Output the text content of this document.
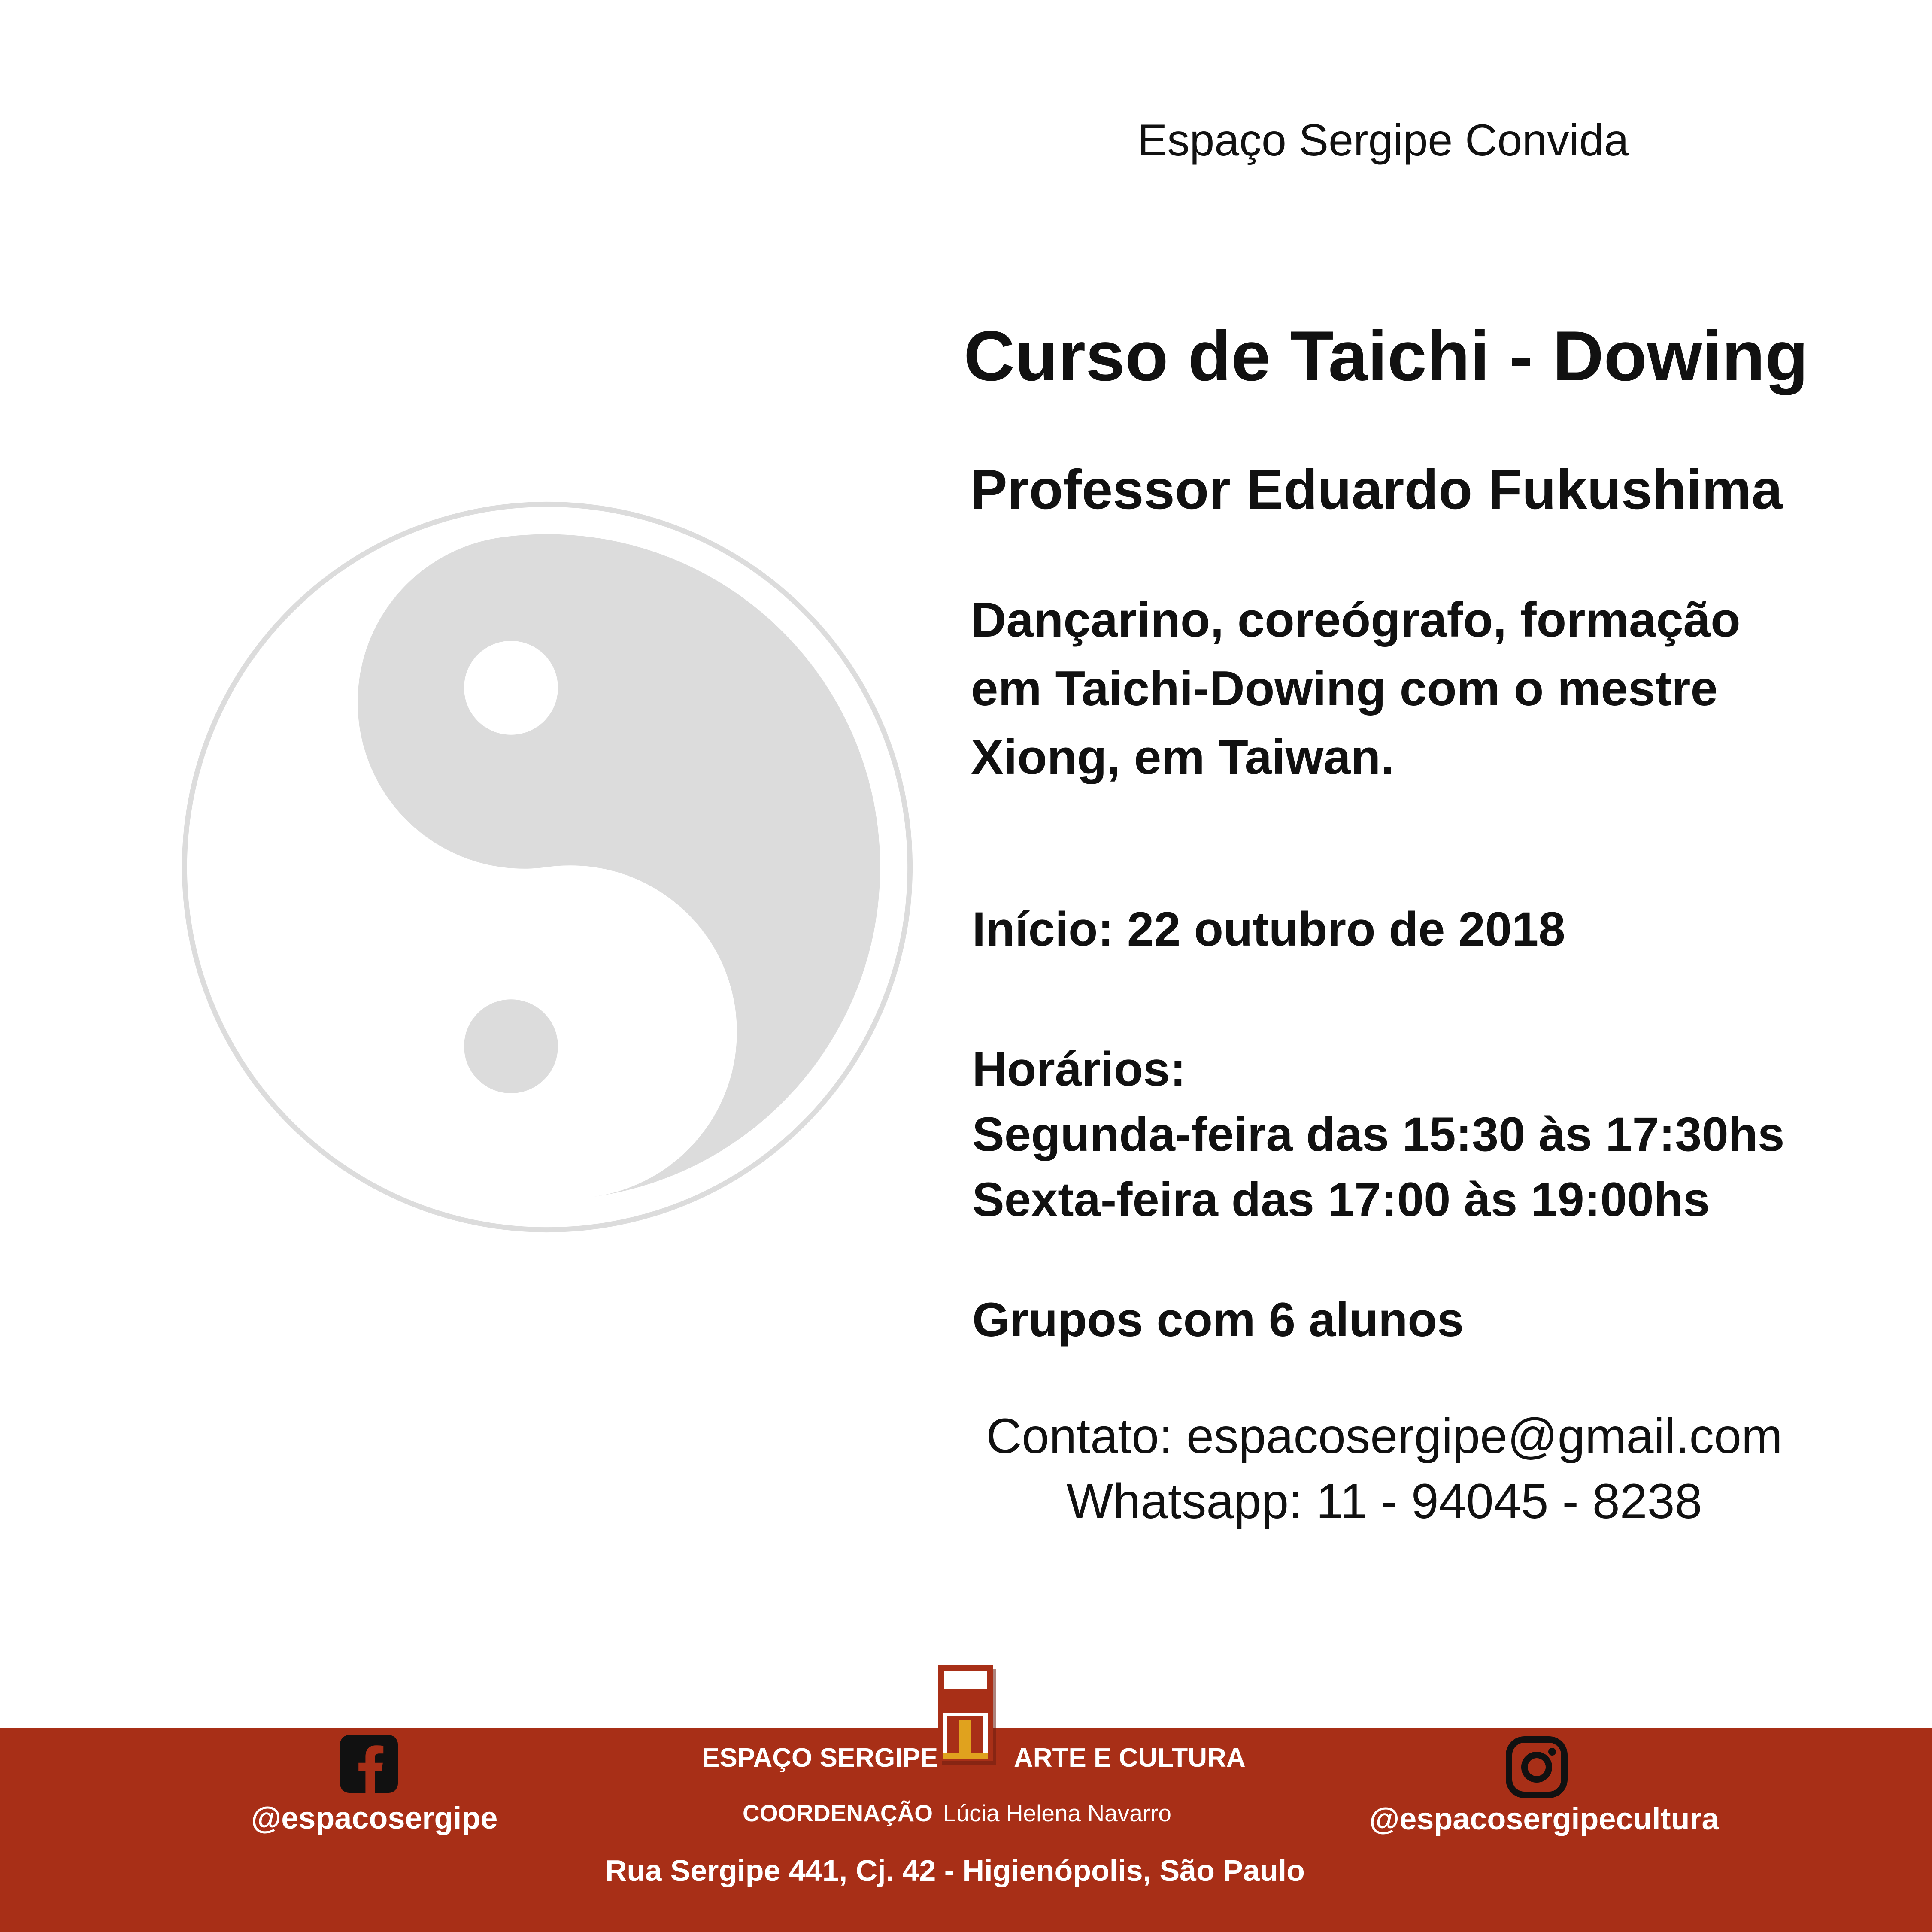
Espaço Sergipe Convida
Curso de Taichi - Dowing
Professor Eduardo Fukushima
Dançarino, coreógrafo, formação
em Taichi-Dowing com o mestre
Xiong, em Taiwan.
Início: 22 outubro de 2018
Horários:
Segunda-feira das 15:30 às 17:30hs
Sexta-feira das 17:00 às 19:00hs
Grupos com 6 alunos
Contato: espacosergipe@gmail.com
Whatsapp: 11 - 94045 - 8238
@espacosergipe
ESPAÇO SERGIPE	ARTE E CULTURA
COORDENAÇÃO Lúcia Helena Navarro
Rua Sergipe 441, Cj. 42 - Higienópolis, São Paulo
@espacosergipecultura
